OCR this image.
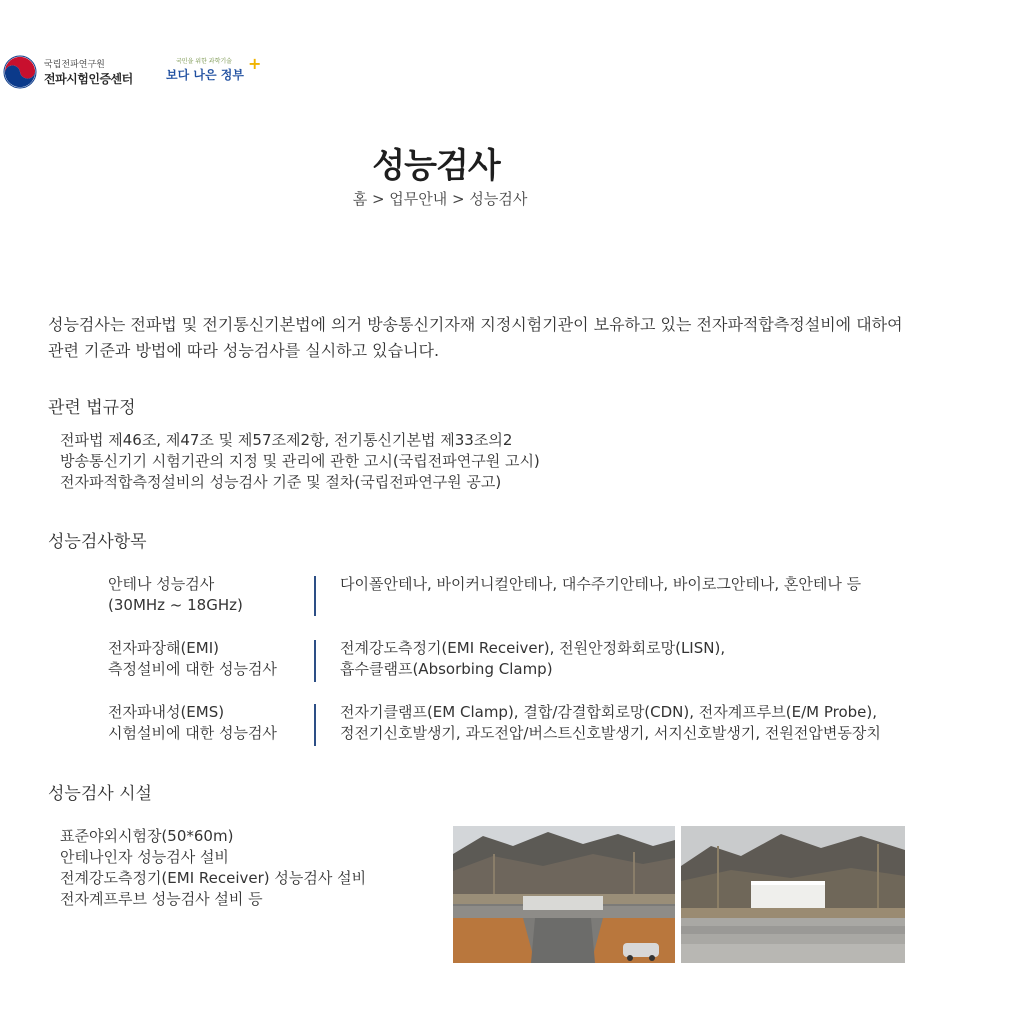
국립전파연구원
전파시험인증센터
국민을 위한 과학기술
보다 나은 정부
+
성능검사
홈 > 업무안내 > 성능검사
성능검사는 전파법 및 전기통신기본법에 의거 방송통신기자재 지정시험기관이 보유하고 있는 전자파적합측정설비에 대하여
관련 기준과 방법에 따라 성능검사를 실시하고 있습니다.
관련 법규정
전파법 제46조, 제47조 및 제57조제2항, 전기통신기본법 제33조의2
방송통신기기 시험기관의 지정 및 관리에 관한 고시(국립전파연구원 고시)
전자파적합측정설비의 성능검사 기준 및 절차(국립전파연구원 공고)
성능검사항목
안테나 성능검사
(30MHz ~ 18GHz)
다이폴안테나, 바이커니컬안테나, 대수주기안테나, 바이로그안테나, 혼안테나 등
전자파장해(EMI)
측정설비에 대한 성능검사
전계강도측정기(EMI Receiver), 전원안정화회로망(LISN),
흡수클램프(Absorbing Clamp)
전자파내성(EMS)
시험설비에 대한 성능검사
전자기클램프(EM Clamp), 결합/감결합회로망(CDN), 전자계프루브(E/M Probe),
정전기신호발생기, 과도전압/버스트신호발생기, 서지신호발생기, 전원전압변동장치
성능검사 시설
표준야외시험장(50*60m)
안테나인자 성능검사 설비
전계강도측정기(EMI Receiver) 성능검사 설비
전자계프루브 성능검사 설비 등
